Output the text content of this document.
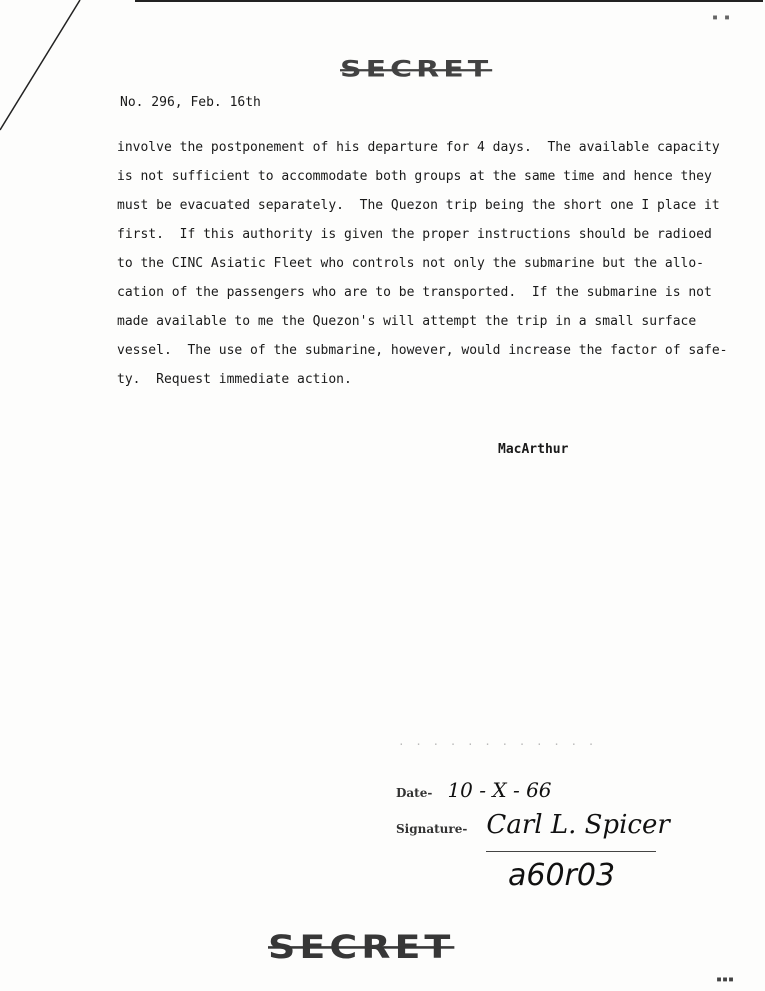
▪ ▪
SECRET
No. 296, Feb. 16th
involve the postponement of his departure for 4 days.  The available capacity
is not sufficient to accommodate both groups at the same time and hence they
must be evacuated separately.  The Quezon trip being the short one I place it
first.  If this authority is given the proper instructions should be radioed
to the CINC Asiatic Fleet who controls not only the submarine but the allo-
cation of the passengers who are to be transported.  If the submarine is not
made available to me the Quezon's will attempt the trip in a small surface
vessel.  The use of the submarine, however, would increase the factor of safe-
ty.  Request immediate action.
MacArthur
· · · · · · · · · · · ·
Date- 10 - X - 66
Signature- Carl L. Spicer
a60r03
SECRET
▪▪▪
